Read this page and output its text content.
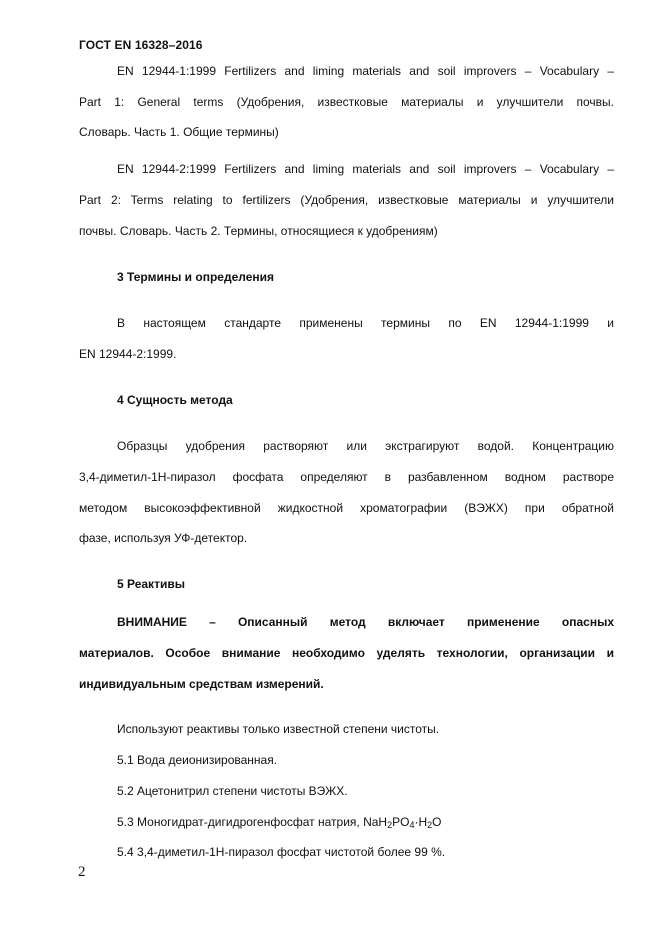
ГОСТ EN 16328–2016
EN 12944-1:1999 Fertilizers and liming materials and soil improvers – Vocabulary –
Part 1: General terms (Удобрения, известковые материалы и улучшители почвы.
Словарь. Часть 1. Общие термины)
EN 12944-2:1999 Fertilizers and liming materials and soil improvers – Vocabulary –
Part 2: Terms relating to fertilizers (Удобрения, известковые материалы и улучшители
почвы. Словарь. Часть 2. Термины, относящиеся к удобрениям)
3 Термины и определения
В настоящем стандарте применены термины по EN 12944-1:1999 и
EN 12944-2:1999.
4 Сущность метода
Образцы удобрения растворяют или экстрагируют водой. Концентрацию
3,4-диметил-1H-пиразол фосфата определяют в разбавленном водном растворе
методом высокоэффективной жидкостной хроматографии (ВЭЖХ) при обратной
фазе, используя УФ-детектор.
5 Реактивы
ВНИМАНИЕ – Описанный метод включает применение опасных
материалов. Особое внимание необходимо уделять технологии, организации и
индивидуальным средствам измерений.
Используют реактивы только известной степени чистоты.
5.1 Вода деионизированная.
5.2 Ацетонитрил степени чистоты ВЭЖХ.
5.3 Моногидрат-дигидрогенфосфат натрия, $NaH_2PO_4\cdot H_2O$
5.4 3,4-диметил-1H-пиразол фосфат чистотой более 99 %.
2
